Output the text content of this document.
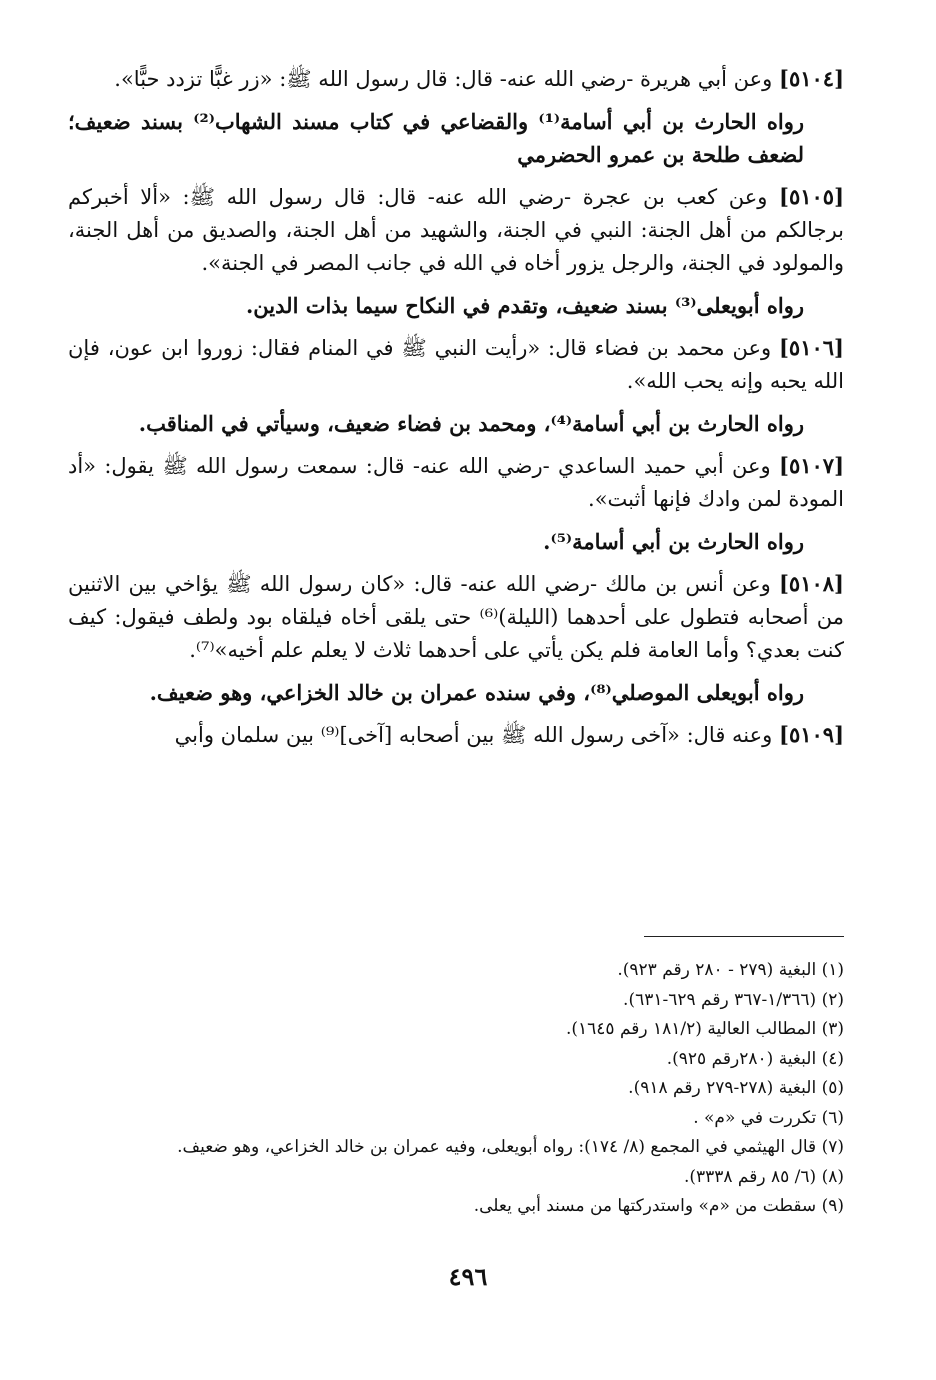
[٥١٠٤] وعن أبي هريرة -رضي الله عنه- قال: قال رسول الله ﷺ: «زر غبًّا تزدد حبًّا».

رواه الحارث بن أبي أسامة⁽¹⁾ والقضاعي في كتاب مسند الشهاب⁽²⁾ بسند ضعيف؛ لضعف طلحة بن عمرو الحضرمي

[٥١٠٥] وعن كعب بن عجرة -رضي الله عنه- قال: قال رسول الله ﷺ: «ألا أخبركم برجالكم من أهل الجنة: النبي في الجنة، والشهيد من أهل الجنة، والصديق من أهل الجنة، والمولود في الجنة، والرجل يزور أخاه في الله في جانب المصر في الجنة».

رواه أبويعلى⁽³⁾ بسند ضعيف، وتقدم في النكاح سيما بذات الدين.

[٥١٠٦] وعن محمد بن فضاء قال: «رأيت النبي ﷺ في المنام فقال: زوروا ابن عون، فإن الله يحبه وإنه يحب الله».

رواه الحارث بن أبي أسامة⁽⁴⁾، ومحمد بن فضاء ضعيف، وسيأتي في المناقب.

[٥١٠٧] وعن أبي حميد الساعدي -رضي الله عنه- قال: سمعت رسول الله ﷺ يقول: «أد المودة لمن وادك فإنها أثبت».

رواه الحارث بن أبي أسامة⁽⁵⁾.

[٥١٠٨] وعن أنس بن مالك -رضي الله عنه- قال: «كان رسول الله ﷺ يؤاخي بين الاثنين من أصحابه فتطول على أحدهما (الليلة)⁽⁶⁾ حتى يلقى أخاه فيلقاه بود ولطف فيقول: كيف كنت بعدي؟ وأما العامة فلم يكن يأتي على أحدهما ثلاث لا يعلم علم أخيه»⁽⁷⁾.

رواه أبويعلى الموصلي⁽⁸⁾، وفي سنده عمران بن خالد الخزاعي، وهو ضعيف.

[٥١٠٩] وعنه قال: «آخى رسول الله ﷺ بين أصحابه [آخى]⁽⁹⁾ بين سلمان وأبي

(١) البغية (٢٧٩ - ٢٨٠ رقم ٩٢٣).
(٢) (١/٣٦٦-٣٦٧ رقم ٦٢٩-٦٣١).
(٣) المطالب العالية (١٨١/٢ رقم ١٦٤٥).
(٤) البغية (٢٨٠رقم ٩٢٥).
(٥) البغية (٢٧٨-٢٧٩ رقم ٩١٨).
(٦) تكررت في «م» .
(٧) قال الهيثمي في المجمع (٨/ ١٧٤): رواه أبويعلى، وفيه عمران بن خالد الخزاعي، وهو ضعيف.
(٨) (٦/ ٨٥ رقم ٣٣٣٨).
(٩) سقطت من «م» واستدركتها من مسند أبي يعلى.
٤٩٦
